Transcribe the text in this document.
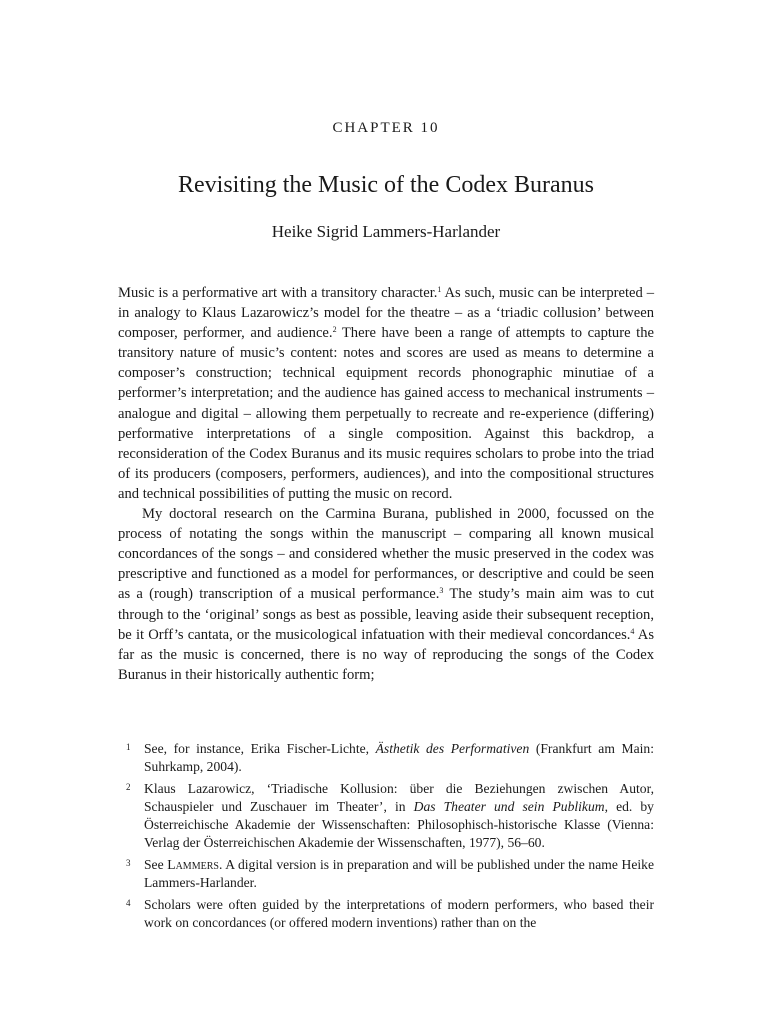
CHAPTER 10
Revisiting the Music of the Codex Buranus
Heike Sigrid Lammers-Harlander

Music is a performative art with a transitory character.$^1$ As such, music can be interpreted – in analogy to Klaus Lazarowicz’s model for the theatre – as a ‘triadic collusion’ between composer, performer, and audience.$^2$ There have been a range of attempts to capture the transitory nature of music’s content: notes and scores are used as means to determine a composer’s construction; technical equipment records phonographic minutiae of a performer’s interpretation; and the audience has gained access to mechanical instruments – analogue and digital – allowing them perpetually to recreate and re-experience (differing) performative interpretations of a single composition. Against this backdrop, a reconsideration of the Codex Buranus and its music requires scholars to probe into the triad of its producers (composers, performers, audiences), and into the compositional structures and technical possibilities of putting the music on record.

My doctoral research on the Carmina Burana, published in 2000, focussed on the process of notating the songs within the manuscript – comparing all known musical concordances of the songs – and considered whether the music preserved in the codex was prescriptive and functioned as a model for performances, or descriptive and could be seen as a (rough) transcription of a musical performance.$^3$ The study’s main aim was to cut through to the ‘original’ songs as best as possible, leaving aside their subsequent reception, be it Orff’s cantata, or the musicological infatuation with their medieval concordances.$^4$ As far as the music is concerned, there is no way of reproducing the songs of the Codex Buranus in their historically authentic form;

1 See, for instance, Erika Fischer-Lichte, Ästhetik des Performativen (Frankfurt am Main: Suhrkamp, 2004).
2 Klaus Lazarowicz, ‘Triadische Kollusion: über die Beziehungen zwischen Autor, Schauspieler und Zuschauer im Theater’, in Das Theater und sein Publikum, ed. by Österreichische Akademie der Wissenschaften: Philosophisch-historische Klasse (Vienna: Verlag der Österreichischen Akademie der Wissenschaften, 1977), 56–60.
3 See Lammers. A digital version is in preparation and will be published under the name Heike Lammers-Harlander.
4 Scholars were often guided by the interpretations of modern performers, who based their work on concordances (or offered modern inventions) rather than on the
